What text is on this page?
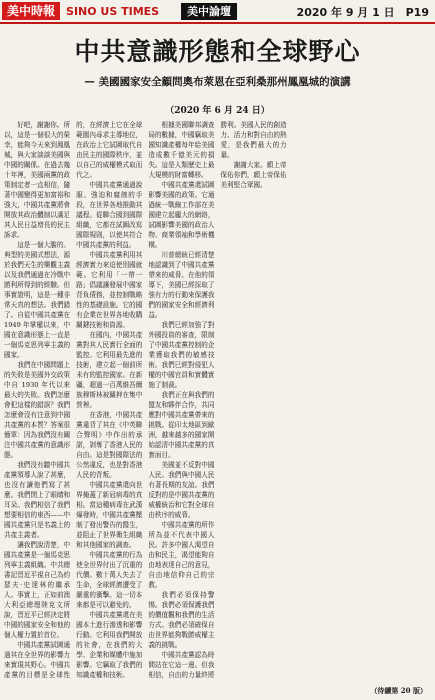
美中時報	SINO US TIMES	美中論壇	2020 年 9 月 1 日　P19
中共意識形態和全球野心
— 美國國家安全顧問奧布萊恩在亞利桑那州鳳凰城的演講
（2020 年 6 月 24 日）

好吧，謝謝你。所以，這是一個很大的榮幸，能夠今天來到鳳凰城，與大家談談美國與中國的關係。在過去幾十年裡，美國兩黨的政策制定者一直相信，隨著中國變得更加富裕和強大，中國共產黨將會開放其政治體制以滿足其人民日益增長的民主訴求。

這是一個大膽的、典型的美國式想法，源於我們天生的樂觀主義以及我們通過在冷戰中勝利所得到的經驗。但事實證明，這是一種非常天真的想法。我們錯了。自從中國共產黨在 1949 年掌權以來，中國在意識形態上一直是一個馬克思列寧主義的國家。

我們在中國問題上的失敗是美國外交政策中自 1930 年代以來最大的失敗。我們怎麼會犯這樣的錯誤？我們怎麼會沒有注意到中國共產黨的本質？答案很簡單：因為我們沒有關注中國共產黨的意識形態。

我們沒有聽中國共產黨領導人說了甚麼，也沒有讀他們寫了甚麼。我們閉上了眼睛和耳朵。我們相信了我們想要相信的東西——中國共產黨只是名義上的共產主義者。

讓我們說清楚，中國共產黨是一個馬克思列寧主義組織。中共總書記習近平視自己為約瑟夫·史達林的繼承人。事實上，正如前澳大利亞總理陸克文所說，習近平已經決定將中國的國家安全和他的個人權力置於首位。

中國共產黨試圖通過其在全世界的影響力來實現其野心。中國共產黨的目標是全球性的，在經濟上它在全球範圍內尋求主導地位，在政治上它試圖取代自由民主的國際秩序，並以自己的威權模式取而代之。

中國共產黨通過說服、強迫和腐蝕的手段，在世界各地推動其議程。從聯合國到國際組織，它都在試圖改寫國際規則，以使其符合中國共產黨的利益。

中國共產黨利用其經濟實力來迫使別國就範。它利用「一帶一路」倡議讓發展中國家背負債務，並控制戰略性的基礎設施。它的國有企業在世界各地收購關鍵技術和資源。

在國內，中國共產黨對其人民實行全面的監控。它利用最先進的技術，建立起一個前所未有的監控國家。在新疆，超過一百萬維吾爾族穆斯林被關押在集中營裡。

在香港，中國共產黨違背了其在《中英聯合聲明》中作出的承諾，剝奪了香港人民的自由。這是對國際法的公然違反，也是對香港人民的背叛。

中國共產黨還向世界掩蓋了新冠病毒的真相。當這種病毒在武漢爆發時，中國共產黨壓制了發出警告的醫生，並阻止了世界衛生組織和其他國家的調查。

中國共產黨的行為使全世界付出了沉重的代價。數十萬人失去了生命，全球經濟遭受了嚴重的衝擊。這一切本來都是可以避免的。

中國共產黨還在美國本土進行滲透和影響行動。它利用我們開放的社會，在我們的大學、企業和媒體中施加影響。它竊取了我們的知識產權和技術。

根據美國聯邦調查局的數據，中國竊取美國知識產權每年給美國造成數千億美元的損失。這是人類歷史上最大規模的財富轉移。

中國共產黨還試圖影響美國的政策。它通過統一戰線工作部在美國建立起龐大的網絡，試圖影響美國的政治人物、商業領袖和學術機構。

川普總統已經清楚地認識到了中國共產黨帶來的威脅。在他的領導下，美國已經採取了強有力的行動來保護我們的國家安全和經濟利益。

我們已經加強了對外國投資的審查，限制了中國共產黨控制的企業獲取我們的敏感技術。我們已經對侵犯人權的中國官員和實體實施了制裁。

我們正在與我們的盟友和夥伴合作，共同應對中國共產黨帶來的挑戰。從印太地區到歐洲，越來越多的國家開始認清中國共產黨的真實面目。

美國並不反對中國人民。我們與中國人民有著長期的友誼。我們反對的是中國共產黨的威權統治和它對全球自由秩序的威脅。

中國共產黨的所作所為並不代表中國人民。許多中國人渴望自由和民主，渴望能夠自由地表達自己的意見，自由地信仰自己的宗教。

我們必須保持警惕。我們必須保護我們的價值觀和我們的生活方式。我們必須確保自由世界能夠戰勝威權主義的挑戰。

中國共產黨認為時間站在它這一邊。但我相信，自由的力量終將勝利。美國人民的創造力、活力和對自由的熱愛，是我們最大的力量。

謝謝大家。願上帝保佑你們，願上帝保佑美利堅合眾國。

（待續第 20 版）
